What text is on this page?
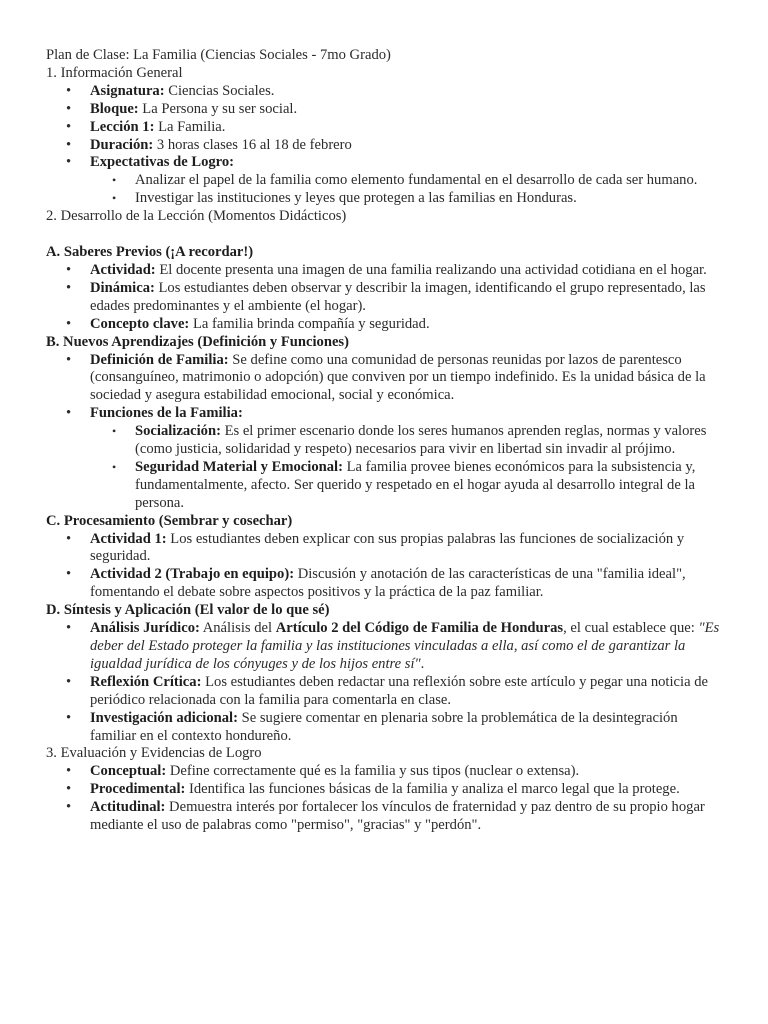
Plan de Clase: La Familia (Ciencias Sociales - 7mo Grado)

1. Información General

• Asignatura: Ciencias Sociales.
• Bloque: La Persona y su ser social.
• Lección 1: La Familia.
• Duración: 3 horas clases 16 al 18 de febrero
• Expectativas de Logro:
• Analizar el papel de la familia como elemento fundamental en el desarrollo de cada ser humano.
• Investigar las instituciones y leyes que protegen a las familias en Honduras.

2. Desarrollo de la Lección (Momentos Didácticos)

A. Saberes Previos (¡A recordar!)

• Actividad: El docente presenta una imagen de una familia realizando una actividad cotidiana en el hogar.
• Dinámica: Los estudiantes deben observar y describir la imagen, identificando el grupo representado, las edades predominantes y el ambiente (el hogar).
• Concepto clave: La familia brinda compañía y seguridad.

B. Nuevos Aprendizajes (Definición y Funciones)

• Definición de Familia: Se define como una comunidad de personas reunidas por lazos de parentesco (consanguíneo, matrimonio o adopción) que conviven por un tiempo indefinido. Es la unidad básica de la sociedad y asegura estabilidad emocional, social y económica.
• Funciones de la Familia:
• Socialización: Es el primer escenario donde los seres humanos aprenden reglas, normas y valores (como justicia, solidaridad y respeto) necesarios para vivir en libertad sin invadir al prójimo.
• Seguridad Material y Emocional: La familia provee bienes económicos para la subsistencia y, fundamentalmente, afecto. Ser querido y respetado en el hogar ayuda al desarrollo integral de la persona.

C. Procesamiento (Sembrar y cosechar)

• Actividad 1: Los estudiantes deben explicar con sus propias palabras las funciones de socialización y seguridad.
• Actividad 2 (Trabajo en equipo): Discusión y anotación de las características de una "familia ideal", fomentando el debate sobre aspectos positivos y la práctica de la paz familiar.

D. Síntesis y Aplicación (El valor de lo que sé)

• Análisis Jurídico: Análisis del Artículo 2 del Código de Familia de Honduras, el cual establece que: "Es deber del Estado proteger la familia y las instituciones vinculadas a ella, así como el de garantizar la igualdad jurídica de los cónyuges y de los hijos entre sí".
• Reflexión Crítica: Los estudiantes deben redactar una reflexión sobre este artículo y pegar una noticia de periódico relacionada con la familia para comentarla en clase.
• Investigación adicional: Se sugiere comentar en plenaria sobre la problemática de la desintegración familiar en el contexto hondureño.

3. Evaluación y Evidencias de Logro

• Conceptual: Define correctamente qué es la familia y sus tipos (nuclear o extensa).
• Procedimental: Identifica las funciones básicas de la familia y analiza el marco legal que la protege.
• Actitudinal: Demuestra interés por fortalecer los vínculos de fraternidad y paz dentro de su propio hogar mediante el uso de palabras como "permiso", "gracias" y "perdón".
